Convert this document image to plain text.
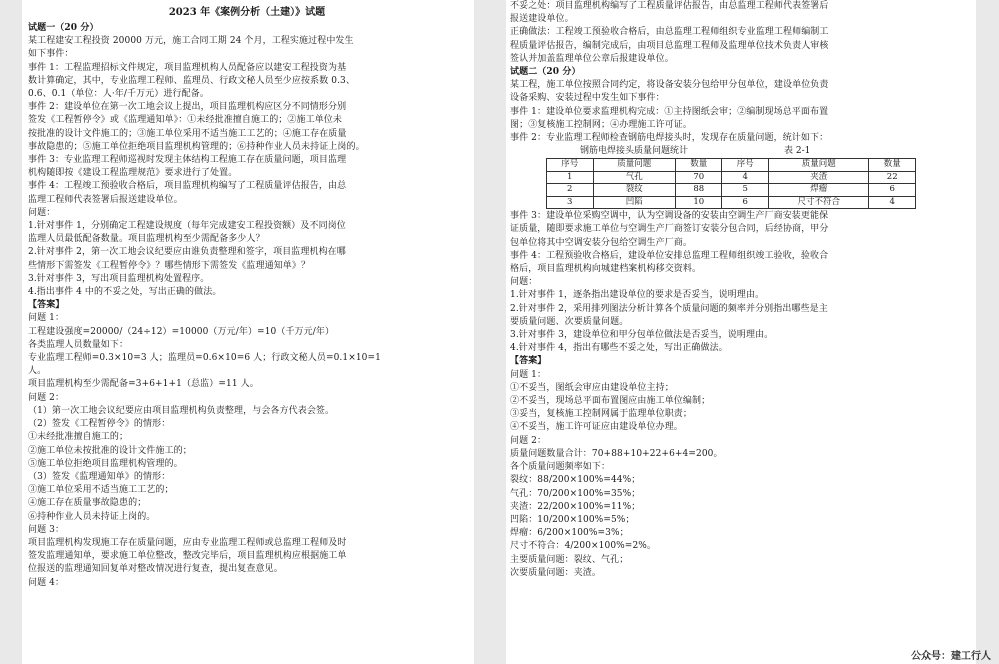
2023 年《案例分析（土建）》试题
试题一（20 分）
某工程建安工程投资 20000 万元，施工合同工期 24 个月，工程实施过程中发生
如下事件：
事件 1：工程监理招标文件规定，项目监理机构人员配备应以建安工程投资为基
数计算确定，其中，专业监理工程师、监理员、行政文秘人员至少应按系数 0.3、
0.6、0.1（单位：人·年/千万元）进行配备。
事件 2：建设单位在第一次工地会议上提出，项目监理机构应区分不同情形分别
签发《工程暂停令》或《监理通知单》：①未经批准擅自施工的；②施工单位未
按批准的设计文件施工的；③施工单位采用不适当施工工艺的；④施工存在质量
事故隐患的；⑤施工单位拒绝项目监理机构管理的；⑥持种作业人员未持证上岗的。
事件 3：专业监理工程师巡视时发现主体结构工程施工存在质量问题，项目监理
机构随即按《建设工程监理规范》要求进行了处置。
事件 4：工程竣工预验收合格后，项目监理机构编写了工程质量评估报告，由总
监理工程师代表签署后报送建设单位。
问题：
1.针对事件 1，分别确定工程建设规度（每年完成建安工程投资额）及不同岗位
监理人员最低配备数量。项目监理机构至少需配备多少人？
2.针对事件 2，第一次工地会议纪要应由谁负责整理和签字，项目监理机构在哪
些情形下需签发《工程暂停令》？哪些情形下需签发《监理通知单》？
3.针对事件 3，写出项目监理机构处置程序。
4.指出事件 4 中的不妥之处，写出正确的做法。
【答案】
问题 1：
工程建设强度=20000/（24÷12）=10000（万元/年）=10（千万元/年）
各类监理人员数量如下：
专业监理工程师=0.3×10=3 人；监理员=0.6×10=6 人；行政文秘人员=0.1×10=1
人。
项目监理机构至少需配备=3+6+1+1（总监）=11 人。
问题 2：
（1）第一次工地会议纪要应由项目监理机构负责整理，与会各方代表会签。
（2）签发《工程暂停令》的情形：
①未经批准擅自施工的；
②施工单位未按批准的设计文件施工的；
⑤施工单位拒绝项目监理机构管理的。
（3）签发《监理通知单》的情形：
③施工单位采用不适当施工工艺的；
④施工存在质量事故隐患的；
⑥持种作业人员未持证上岗的。
问题 3：
项目监理机构发现施工存在质量问题，应由专业监理工程师或总监理工程师及时
签发监理通知单，要求施工单位整改，整改完毕后，项目监理机构应根据施工单
位报送的监理通知回复单对整改情况进行复查，提出复查意见。
问题 4：
不妥之处：项目监理机构编写了工程质量评估报告，由总监理工程师代表签署后
报送建设单位。
正确做法：工程竣工预验收合格后，由总监理工程师组织专业监理工程师编制工
程质量评估报告，编制完成后，由项目总监理工程师及监理单位技术负责人审核
签认并加盖监理单位公章后报建设单位。
试题二（20 分）
某工程，施工单位按照合同约定，将设备安装分包给甲分包单位，建设单位负责
设备采购、安装过程中发生如下事件：
事件 1：建设单位要求监理机构完成：①主持图纸会审；②编制现场总平面布置
图；③复核施工控制网；④办理施工许可证。
事件 2：专业监理工程师检查钢筋电焊接头时，发现存在质量问题，统计如下：
钢筋电焊接头质量问题统计	表 2-1
序号	质量问题	数量	序号	质量问题	数量
1	气孔	70	4	夹渣	22
2	裂纹	88	5	焊瘤	6
3	凹陷	10	6	尺寸不符合	4
事件 3：建设单位采购空调中，认为空调设备的安装由空调生产厂商安装更能保
证质量，随即要求施工单位与空调生产厂商签订安装分包合同，后经协商，甲分
包单位将其中空调安装分包给空调生产厂商。
事件 4：工程预验收合格后，建设单位安排总监理工程师组织竣工验收，验收合
格后，项目监理机构向城建档案机构移交资料。
问题：
1.针对事件 1，逐条指出建设单位的要求是否妥当，说明理由。
2.针对事件 2，采用排列图法分析计算各个质量问题的频率并分别指出哪些是主
要质量问题、次要质量问题。
3.针对事件 3，建设单位和甲分包单位做法是否妥当，说明理由。
4.针对事件 4，指出有哪些不妥之处，写出正确做法。
【答案】
问题 1：
①不妥当，图纸会审应由建设单位主持；
②不妥当，现场总平面布置图应由施工单位编制；
③妥当，复核施工控制网属于监理单位职责；
④不妥当，施工许可证应由建设单位办理。
问题 2：
质量问题数量合计：70+88+10+22+6+4=200。
各个质量问题频率如下：
裂纹：88/200×100%=44%；
气孔：70/200×100%=35%；
夹渣：22/200×100%=11%；
凹陷：10/200×100%=5%；
焊瘤：6/200×100%=3%；
尺寸不符合：4/200×100%=2%。
主要质量问题：裂纹、气孔；
次要质量问题：夹渣。
公众号：建工行人
